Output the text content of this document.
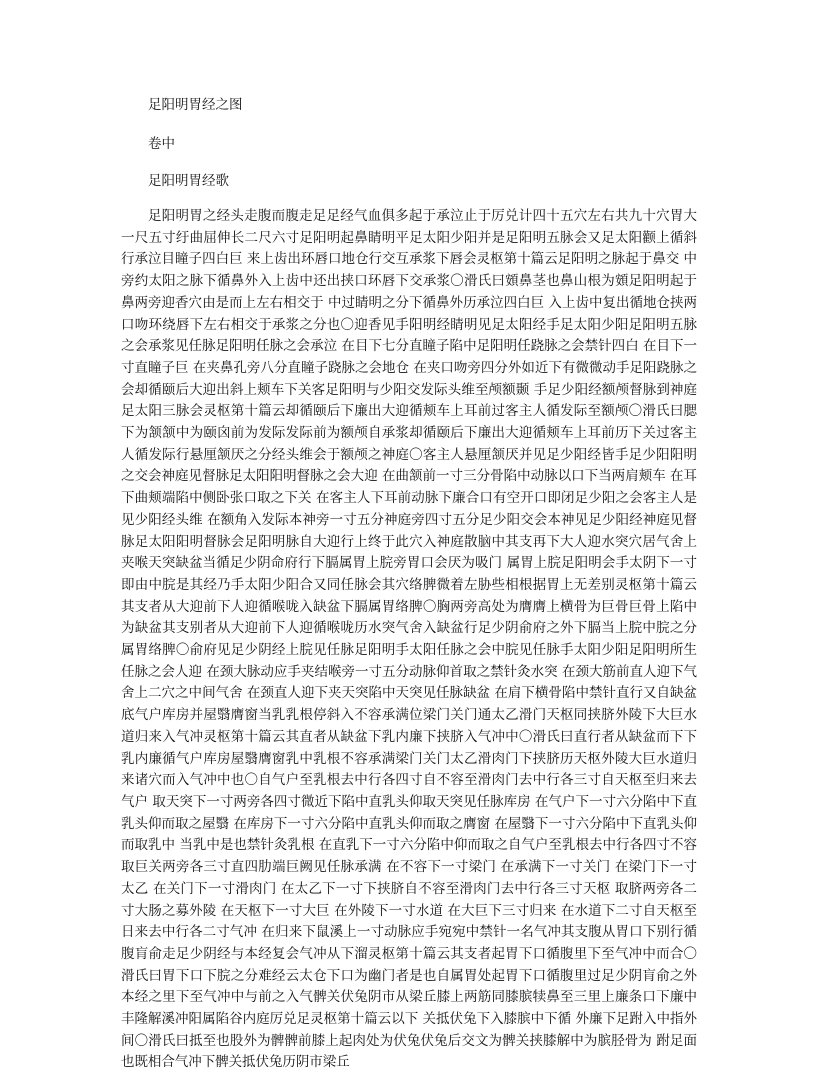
足阳明胃经之图
卷中
足阳明胃经歌

足阳明胃之经头走腹而腹走足足经气血俱多起于承泣止于厉兑计四十五穴左右共九十穴胃大一尺五寸纡曲屈伸长二尺六寸足阳明起鼻睛明平足太阳少阳并是足阳明五脉会又足太阳颧上循斜行承泣目瞳子四白巨 来上齿出环唇口地仓行交互承浆下唇会灵枢第十篇云足阳明之脉起于鼻交 中旁约太阳之脉下循鼻外入上齿中还出挟口环唇下交承浆〇滑氏曰頞鼻茎也鼻山根为頞足阳明起于鼻两旁迎香穴由是而上左右相交于 中过睛明之分下循鼻外历承泣四白巨 入上齿中复出循地仓挟两口吻环绕唇下左右相交于承浆之分也〇迎香见手阳明经睛明见足太阳经手足太阳少阳足阳明五脉之会承浆见任脉足阳明任脉之会承泣 在目下七分直瞳子陷中足阳明任跷脉之会禁针四白 在目下一寸直瞳子巨 在夹鼻孔旁八分直瞳子跷脉之会地仓 在夹口吻旁四分外如近下有微微动手足阳跷脉之会却循颐后大迎出斜上颊车下关客足阳明与少阳交发际头维至颅额颞 手足少阳经额颅督脉到神庭足太阳三脉会灵枢第十篇云却循颐后下廉出大迎循颊车上耳前过客主人循发际至额颅〇滑氏曰腮下为颔颔中为颐囟前为发际发际前为额颅自承浆却循颐后下廉出大迎循颊车上耳前历下关过客主人循发际行悬厘颔厌之分经头维会于额颅之神庭〇客主人悬厘颔厌并见足少阳经皆手足少阳阳明之交会神庭见督脉足太阳阳明督脉之会大迎 在曲颔前一寸三分骨陷中动脉以口下当两肩颊车 在耳下曲颊端陷中侧卧张口取之下关 在客主人下耳前动脉下廉合口有空开口即闭足少阳之会客主人是见少阳经头维 在额角入发际本神旁一寸五分神庭旁四寸五分足少阳交会本神见足少阳经神庭见督脉足太阳阳明督脉会足阳明脉自大迎行上终于此穴入神庭散脑中其支再下大人迎水突穴居气舍上夹喉天突缺盆当循足少阴命府行下膈属胃上脘旁胃口会厌为吸门 属胃上脘足阳明会手太阴下一寸即由中脘是其经乃手太阳少阳合又同任脉会其穴络脾微着左胁些相根据胃上无差别灵枢第十篇云其支者从大迎前下人迎循喉咙入缺盆下膈属胃络脾〇胸两旁高处为膺膺上横骨为巨骨巨骨上陷中为缺盆其支别者从大迎前下人迎循喉咙历水突气舍入缺盆行足少阴俞府之外下膈当上脘中脘之分属胃络脾〇俞府见足少阴经上脘见任脉足阳明手太阳任脉之会中脘见任脉手太阳少阳足阳明所生任脉之会人迎 在颈大脉动应手夹结喉旁一寸五分动脉仰首取之禁针灸水突 在颈大筋前直人迎下气舍上二穴之中间气舍 在颈直人迎下夹天突陷中天突见任脉缺盆 在肩下横骨陷中禁针直行又自缺盆底气户库房并屋翳膺窗当乳乳根停斜入不容承满位梁门关门通太乙滑门天枢同挟脐外陵下大巨水道归来入气冲灵枢第十篇云其直者从缺盆下乳内廉下挟脐入气冲中〇滑氏曰直行者从缺盆而下下乳内廉循气户库房屋翳膺窗乳中乳根不容承满梁门关门太乙滑肉门下挟脐历天枢外陵大巨水道归来诸穴而入气冲中也〇自气户至乳根去中行各四寸自不容至滑肉门去中行各三寸自天枢至归来去气户 取天突下一寸两旁各四寸微近下陷中直乳头仰取天突见任脉库房 在气户下一寸六分陷中下直乳头仰而取之屋翳 在库房下一寸六分陷中直乳头仰而取之膺窗 在屋翳下一寸六分陷中下直乳头仰而取乳中 当乳中是也禁针灸乳根 在直乳下一寸六分陷中仰而取之自气户至乳根去中行各四寸不容 取巨关两旁各三寸直四肋端巨阙见任脉承满 在不容下一寸梁门 在承满下一寸关门 在梁门下一寸太乙 在关门下一寸滑肉门 在太乙下一寸下挟脐自不容至滑肉门去中行各三寸天枢 取脐两旁各二寸大肠之募外陵 在天枢下一寸大巨 在外陵下一寸水道 在大巨下三寸归来 在水道下二寸自天枢至日来去中行各二寸气冲 在归来下鼠溪上一寸动脉应手宛宛中禁针一名气冲其支腹从胃口下别行循腹肓俞走足少阴经与本经复会气冲从下溜灵枢第十篇云其支者起胃下口循腹里下至气冲中而合〇滑氏曰胃下口下脘之分难经云太仓下口为幽门者是也自属胃处起胃下口循腹里过足少阴肓俞之外本经之里下至气冲中与前之入气髀关伏兔阴市从梁丘膝上两筋同膝膑犊鼻至三里上廉条口下廉中丰隆解溪冲阳属陷谷内庭厉兑足灵枢第十篇云以下 关抵伏兔下入膝膑中下循 外廉下足跗入中指外间〇滑氏曰抵至也股外为髀髀前膝上起肉处为伏兔伏兔后交文为髀关挟膝解中为膑胫骨为 跗足面也既相合气冲下髀关抵伏兔历阴市梁丘
